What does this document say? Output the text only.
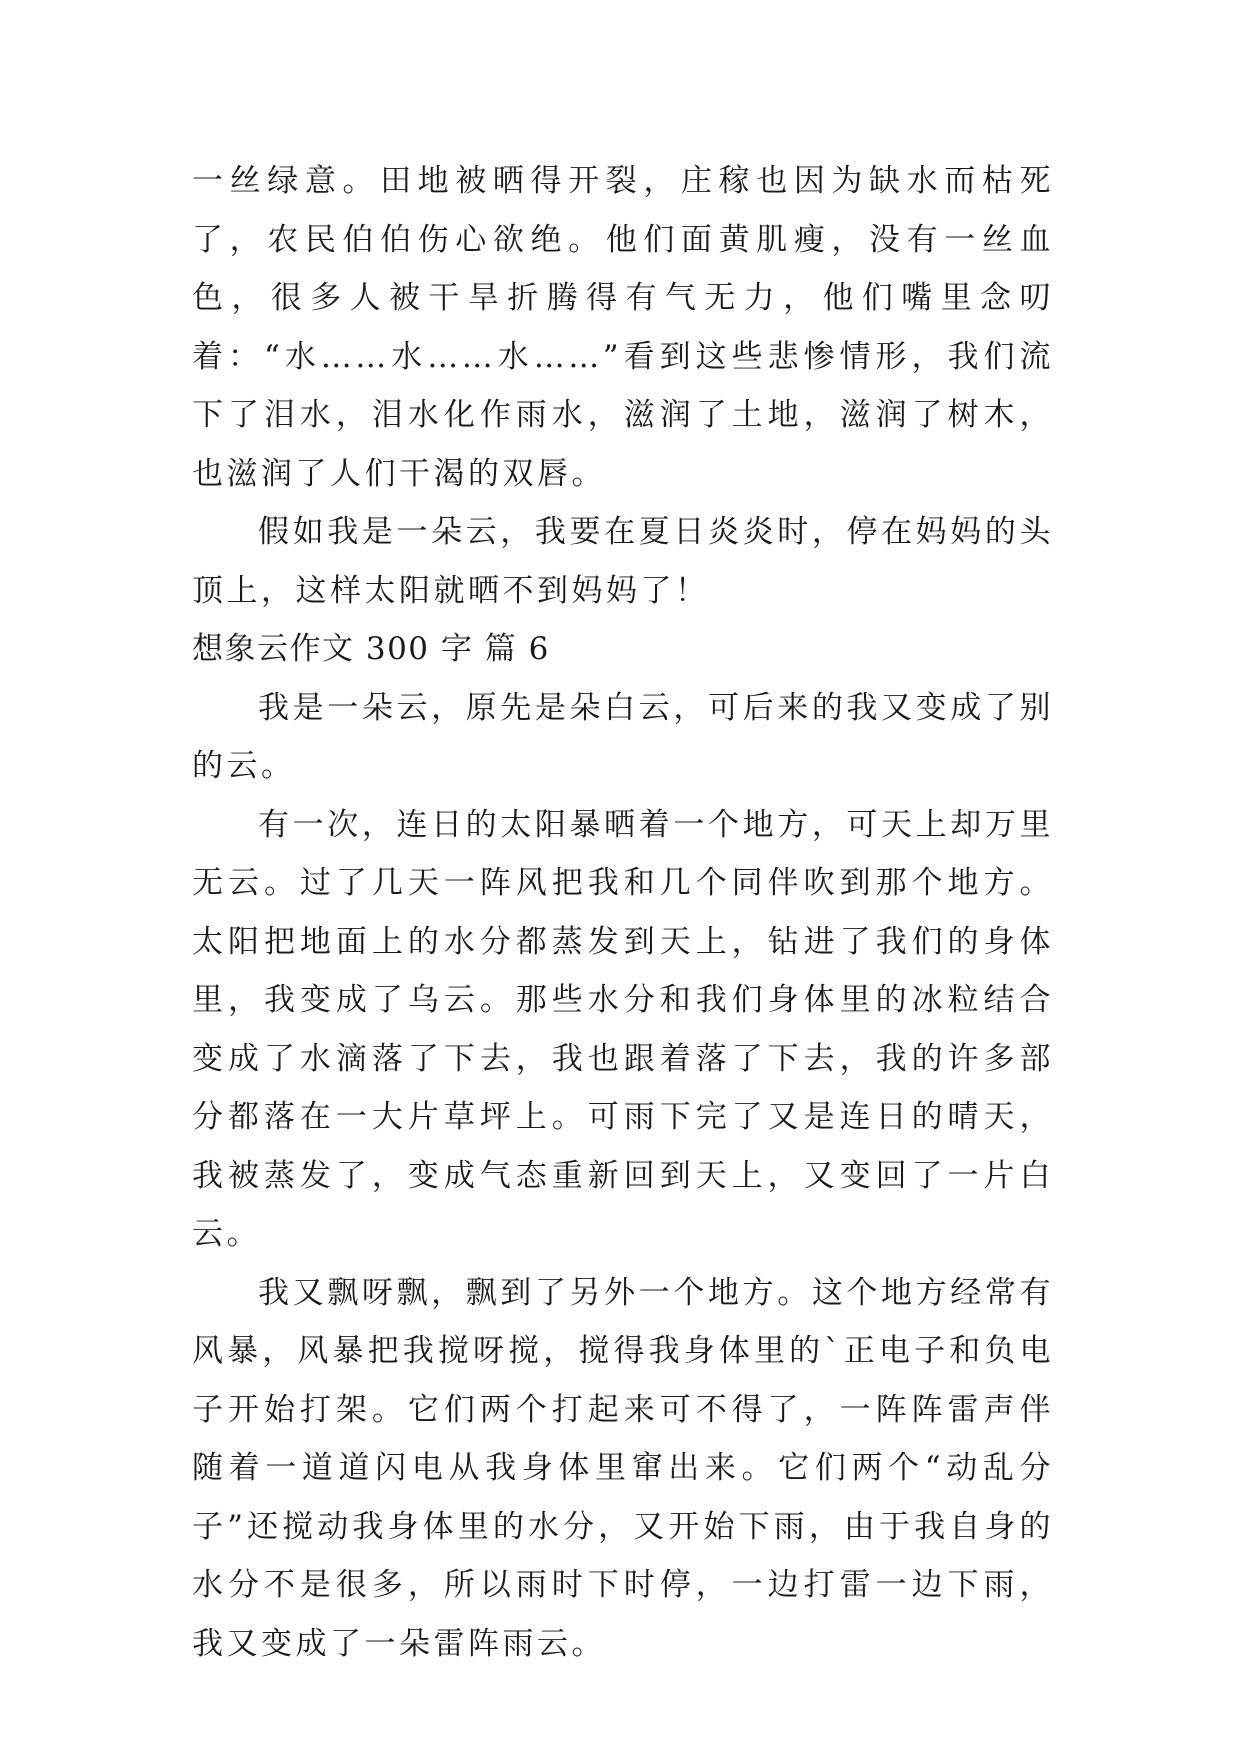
一丝绿意。田地被晒得开裂，庄稼也因为缺水而枯死了，农民伯伯伤心欲绝。他们面黄肌瘦，没有一丝血色，很多人被干旱折腾得有气无力，他们嘴里念叨着：“水……水……水……”看到这些悲惨情形，我们流下了泪水，泪水化作雨水，滋润了土地，滋润了树木，也滋润了人们干渴的双唇。

假如我是一朵云，我要在夏日炎炎时，停在妈妈的头顶上，这样太阳就晒不到妈妈了！

想象云作文 300 字 篇 6

我是一朵云，原先是朵白云，可后来的我又变成了别的云。

有一次，连日的太阳暴晒着一个地方，可天上却万里无云。过了几天一阵风把我和几个同伴吹到那个地方。太阳把地面上的水分都蒸发到天上，钻进了我们的身体里，我变成了乌云。那些水分和我们身体里的冰粒结合变成了水滴落了下去，我也跟着落了下去，我的许多部分都落在一大片草坪上。可雨下完了又是连日的晴天，我被蒸发了，变成气态重新回到天上，又变回了一片白云。

我又飘呀飘，飘到了另外一个地方。这个地方经常有风暴，风暴把我搅呀搅，搅得我身体里的`正电子和负电子开始打架。它们两个打起来可不得了，一阵阵雷声伴随着一道道闪电从我身体里窜出来。它们两个“动乱分子”还搅动我身体里的水分，又开始下雨，由于我自身的水分不是很多，所以雨时下时停，一边打雷一边下雨，我又变成了一朵雷阵雨云。
